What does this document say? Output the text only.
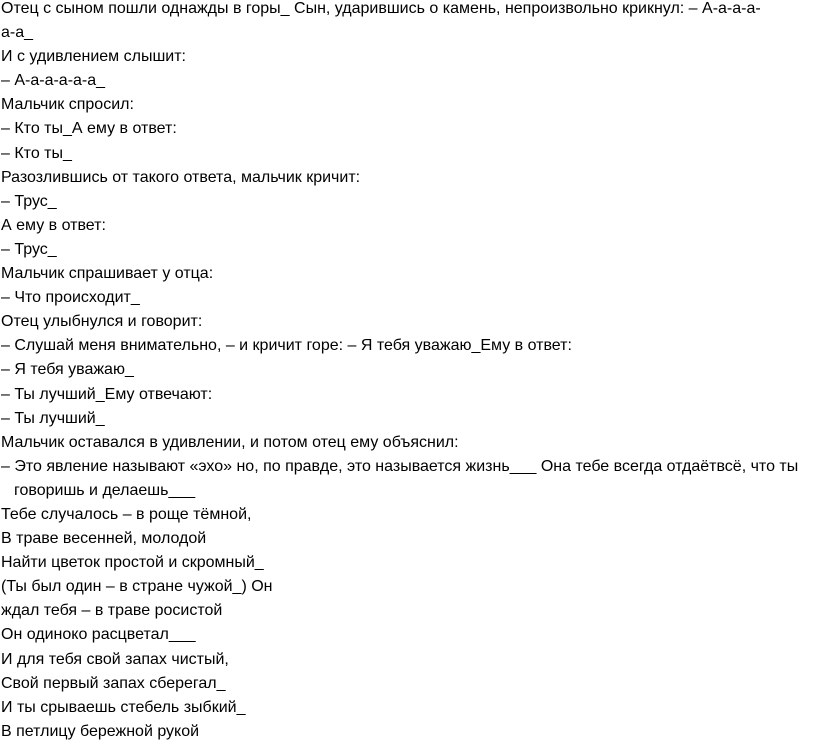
Отец с сыном пошли однажды в горы_ Сын, ударившись о камень, непроизвольно крикнул: – А-а-а-а-
а-а_
И с удивлением слышит:
– А-а-а-а-а-а_
Мальчик спросил:
– Кто ты_А ему в ответ:
– Кто ты_
Разозлившись от такого ответа, мальчик кричит:
– Трус_
А ему в ответ:
– Трус_
Мальчик спрашивает у отца:
– Что происходит_
Отец улыбнулся и говорит:
– Слушай меня внимательно, – и кричит горе: – Я тебя уважаю_Ему в ответ:
– Я тебя уважаю_
– Ты лучший_Ему отвечают:
– Ты лучший_
Мальчик оставался в удивлении, и потом отец ему объяснил:
– Это явление называют «эхо» но, по правде, это называется жизнь___ Она тебе всегда отдаётвсё, что ты
говоришь и делаешь___
Тебе случалось – в роще тёмной,
В траве весенней, молодой
Найти цветок простой и скромный_
(Ты был один – в стране чужой_) Он
ждал тебя – в траве росистой
Он одиноко расцветал___
И для тебя свой запах чистый,
Свой первый запах сберегал_
И ты срываешь стебель зыбкий_
В петлицу бережной рукой
